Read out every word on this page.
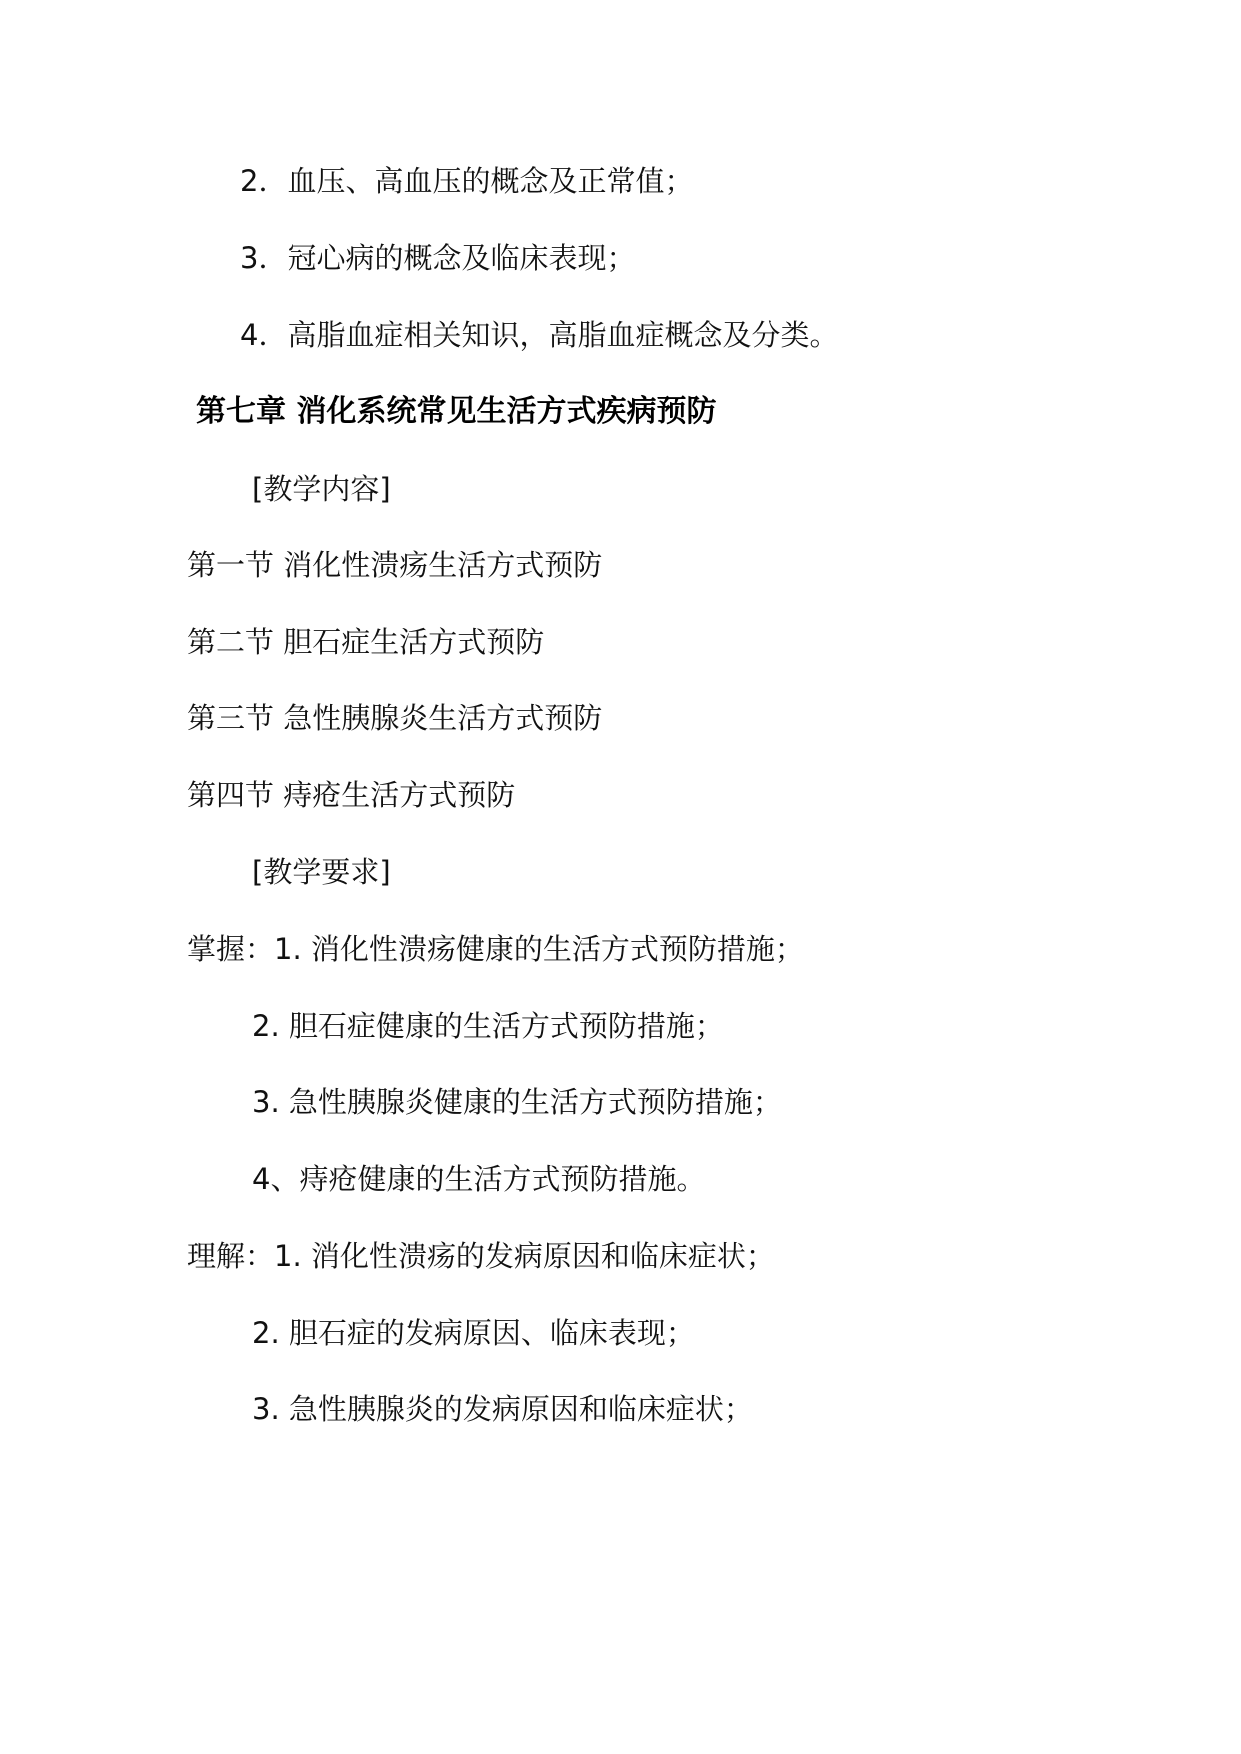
2．血压、高血压的概念及正常值；
3．冠心病的概念及临床表现；
4．高脂血症相关知识，高脂血症概念及分类。
第七章 消化系统常见生活方式疾病预防
[教学内容]
第一节 消化性溃疡生活方式预防
第二节 胆石症生活方式预防
第三节 急性胰腺炎生活方式预防
第四节 痔疮生活方式预防
[教学要求]
掌握：1. 消化性溃疡健康的生活方式预防措施；
2. 胆石症健康的生活方式预防措施；
3. 急性胰腺炎健康的生活方式预防措施；
4、痔疮健康的生活方式预防措施。
理解：1. 消化性溃疡的发病原因和临床症状；
2. 胆石症的发病原因、临床表现；
3. 急性胰腺炎的发病原因和临床症状；
